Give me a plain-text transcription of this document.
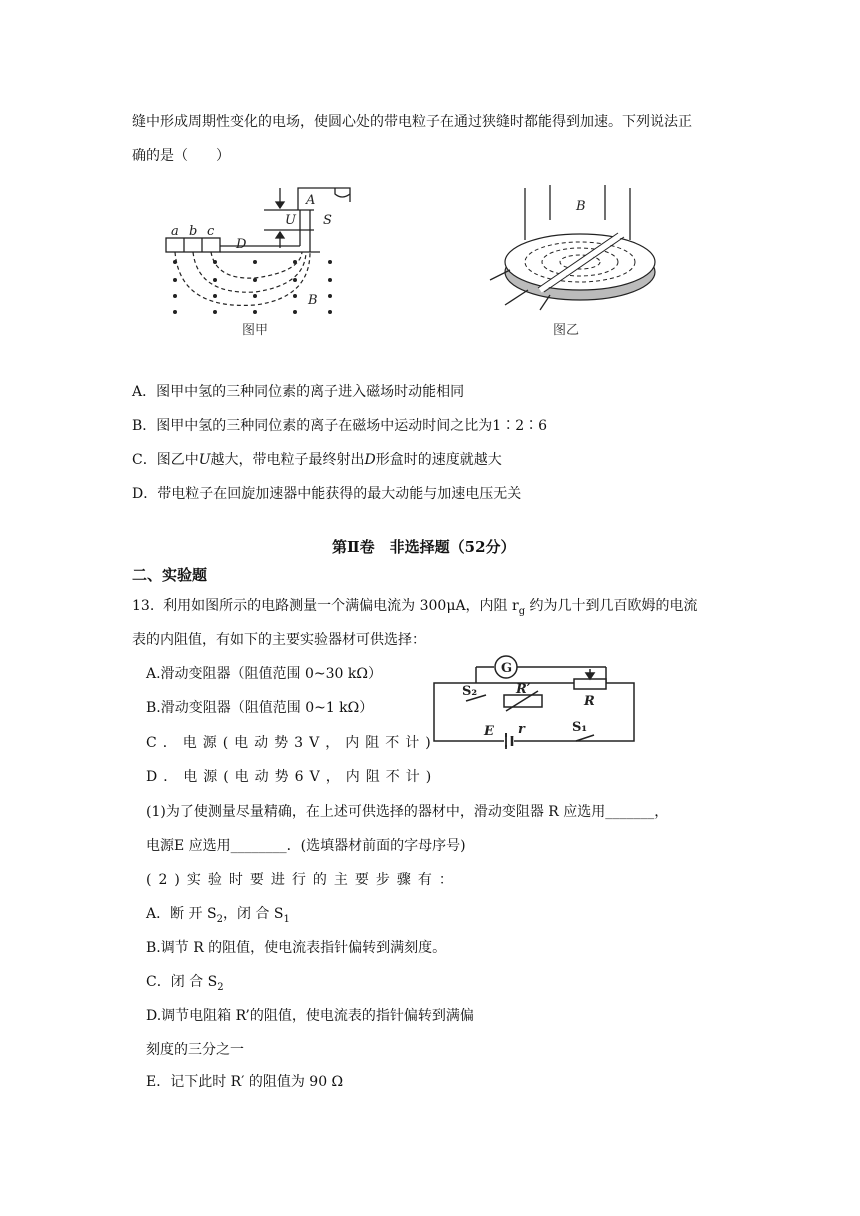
缝中形成周期性变化的电场，使圆心处的带电粒子在通过狭缝时都能得到加速。下列说法正
确的是（　　）
a b c
D
U
A
S
B
图甲
B
图乙
A．图甲中氢的三种同位素的离子进入磁场时动能相同
B．图甲中氢的三种同位素的离子在磁场中运动时间之比为1∶2∶6
C．图乙中U越大，带电粒子最终射出D形盒时的速度就越大
D．带电粒子在回旋加速器中能获得的最大动能与加速电压无关
第Ⅱ卷　非选择题（52分）
二、实验题
13. 利用如图所示的电路测量一个满偏电流为 300μA，内阻 $r_g$ 约为几十到几百欧姆的电流
表的内阻值，有如下的主要实验器材可供选择：
A.滑动变阻器（阻值范围 0~30 kΩ）
B.滑动变阻器（阻值范围 0~1 kΩ）
C．电源(电动势3V，内阻不计)
D．电源(电动势6V，内阻不计)
G
S₂	R′
R
E r	S₁
(1)为了使测量尽量精确，在上述可供选择的器材中，滑动变阻器 R 应选用_______，
电源E 应选用________．(选填器材前面的字母序号)
(2)实验时要进行的主要步骤有：
A．断 开 $S_2$，闭 合 $S_1$
B.调节 R 的阻值，使电流表指针偏转到满刻度。
C．闭 合 $S_2$
D.调节电阻箱 R’的阻值，使电流表的指针偏转到满偏
刻度的三分之一
E．记下此时 R′ 的阻值为 90 Ω
